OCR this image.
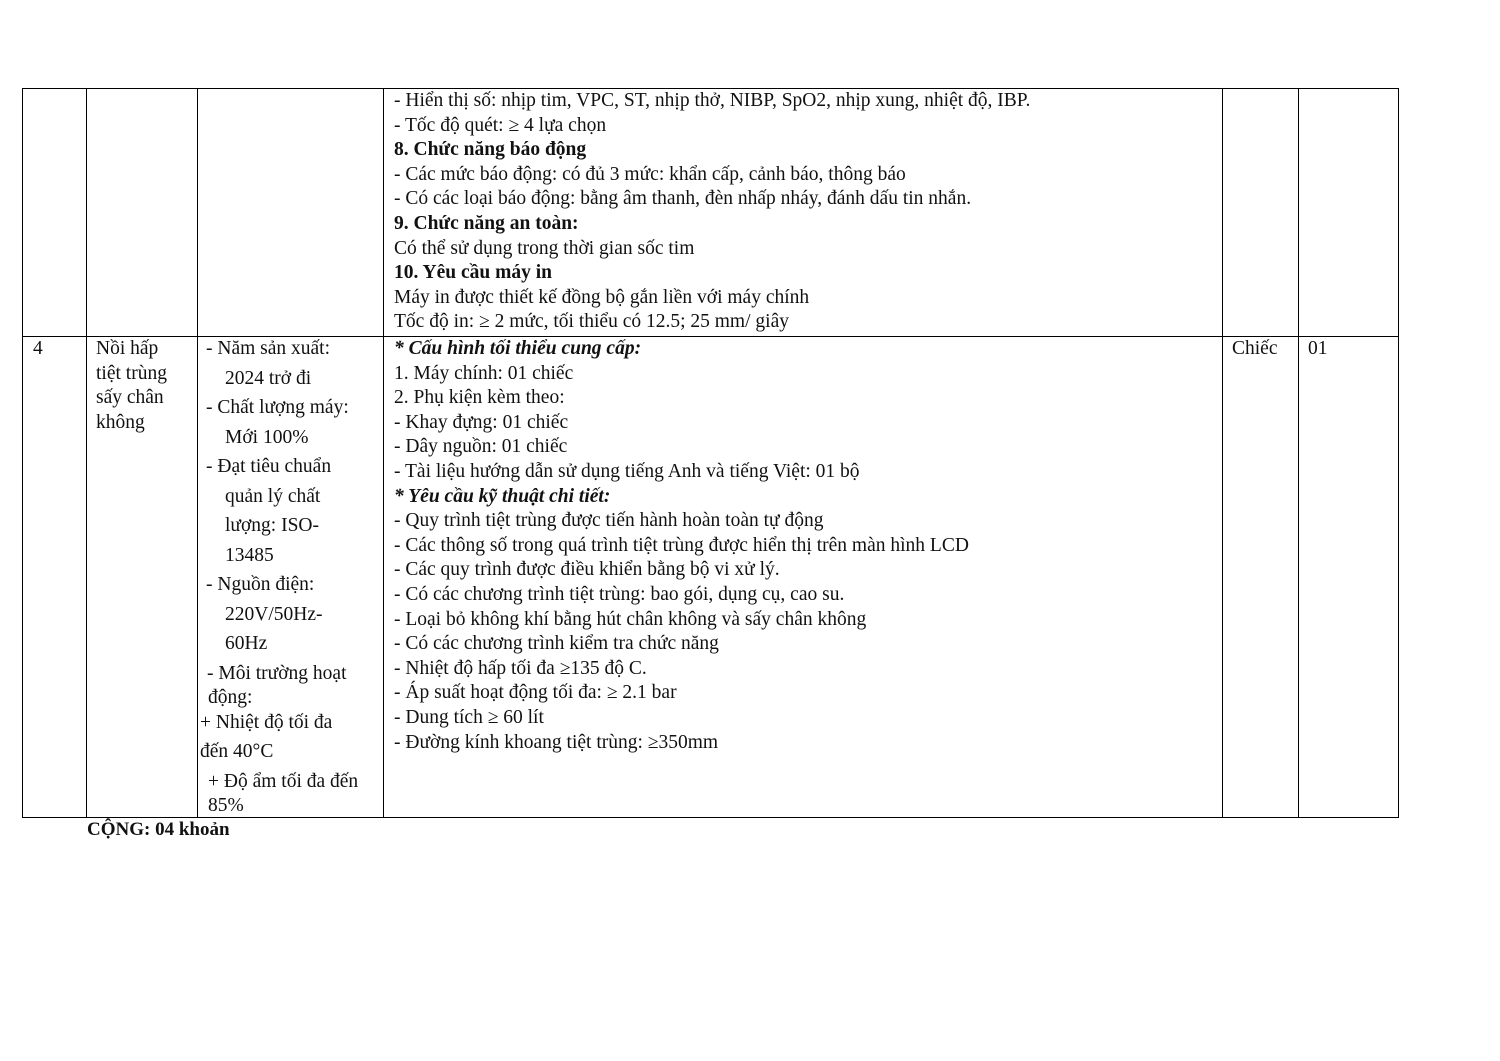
- Hiển thị số: nhịp tim, VPC, ST, nhịp thở, NIBP, SpO2, nhịp xung, nhiệt độ, IBP.
- Tốc độ quét: ≥ 4 lựa chọn
8. Chức năng báo động
- Các mức báo động: có đủ 3 mức: khẩn cấp, cảnh báo, thông báo
- Có các loại báo động: bằng âm thanh, đèn nhấp nháy, đánh dấu tin nhắn.
9. Chức năng an toàn:
Có thể sử dụng trong thời gian sốc tim
10. Yêu cầu máy in
Máy in được thiết kế đồng bộ gắn liền với máy chính
Tốc độ in: ≥ 2 mức, tối thiểu có 12.5; 25 mm/ giây
4	Nồi hấp
tiệt trùng
sấy chân
không
- Năm sản xuất:
2024 trở đi
- Chất lượng máy:
Mới 100%
- Đạt tiêu chuẩn
quản lý chất
lượng: ISO-
13485
- Nguồn điện:
220V/50Hz-
60Hz
- Môi trường hoạt
động:
+ Nhiệt độ tối đa
đến 40°C
+ Độ ẩm tối đa đến
85%
* Cấu hình tối thiểu cung cấp:
1. Máy chính: 01 chiếc
2. Phụ kiện kèm theo:
- Khay đựng: 01 chiếc
- Dây nguồn: 01 chiếc
- Tài liệu hướng dẫn sử dụng tiếng Anh và tiếng Việt: 01 bộ
* Yêu cầu kỹ thuật chi tiết:
- Quy trình tiệt trùng được tiến hành hoàn toàn tự động
- Các thông số trong quá trình tiệt trùng được hiển thị trên màn hình LCD
- Các quy trình được điều khiển bằng bộ vi xử lý.
- Có các chương trình tiệt trùng: bao gói, dụng cụ, cao su.
- Loại bỏ không khí bằng hút chân không và sấy chân không
- Có các chương trình kiểm tra chức năng
- Nhiệt độ hấp tối đa ≥135 độ C.
- Áp suất hoạt động tối đa: ≥ 2.1 bar
- Dung tích ≥ 60 lít
- Đường kính khoang tiệt trùng: ≥350mm
Chiếc 01
CỘNG: 04 khoản
